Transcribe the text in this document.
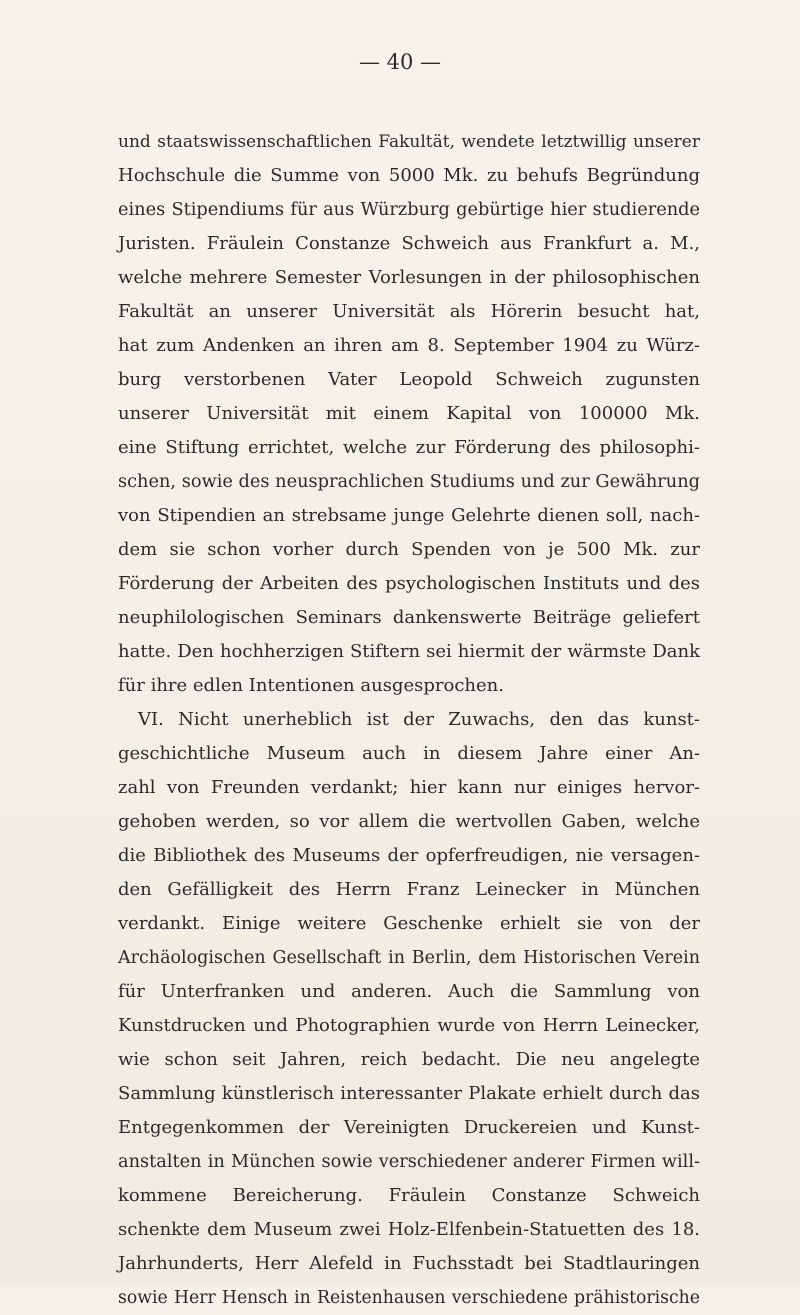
— 40 —
und staatswissenschaftlichen Fakultät, wendete letztwillig unserer
Hochschule die Summe von 5000 Mk. zu behufs Begründung
eines Stipendiums für aus Würzburg gebürtige hier studierende
Juristen. Fräulein Constanze Schweich aus Frankfurt a. M.,
welche mehrere Semester Vorlesungen in der philosophischen
Fakultät an unserer Universität als Hörerin besucht hat,
hat zum Andenken an ihren am 8. September 1904 zu Würz-
burg verstorbenen Vater Leopold Schweich zugunsten
unserer Universität mit einem Kapital von 100000 Mk.
eine Stiftung errichtet, welche zur Förderung des philosophi-
schen, sowie des neusprachlichen Studiums und zur Gewährung
von Stipendien an strebsame junge Gelehrte dienen soll, nach-
dem sie schon vorher durch Spenden von je 500 Mk. zur
Förderung der Arbeiten des psychologischen Instituts und des
neuphilologischen Seminars dankenswerte Beiträge geliefert
hatte. Den hochherzigen Stiftern sei hiermit der wärmste Dank
für ihre edlen Intentionen ausgesprochen.
VI. Nicht unerheblich ist der Zuwachs, den das kunst-
geschichtliche Museum auch in diesem Jahre einer An-
zahl von Freunden verdankt; hier kann nur einiges hervor-
gehoben werden, so vor allem die wertvollen Gaben, welche
die Bibliothek des Museums der opferfreudigen, nie versagen-
den Gefälligkeit des Herrn Franz Leinecker in München
verdankt. Einige weitere Geschenke erhielt sie von der
Archäologischen Gesellschaft in Berlin, dem Historischen Verein
für Unterfranken und anderen. Auch die Sammlung von
Kunstdrucken und Photographien wurde von Herrn Leinecker,
wie schon seit Jahren, reich bedacht. Die neu angelegte
Sammlung künstlerisch interessanter Plakate erhielt durch das
Entgegenkommen der Vereinigten Druckereien und Kunst-
anstalten in München sowie verschiedener anderer Firmen will-
kommene Bereicherung. Fräulein Constanze Schweich
schenkte dem Museum zwei Holz-Elfenbein-Statuetten des 18.
Jahrhunderts, Herr Alefeld in Fuchsstadt bei Stadtlauringen
sowie Herr Hensch in Reistenhausen verschiedene prähistorische
